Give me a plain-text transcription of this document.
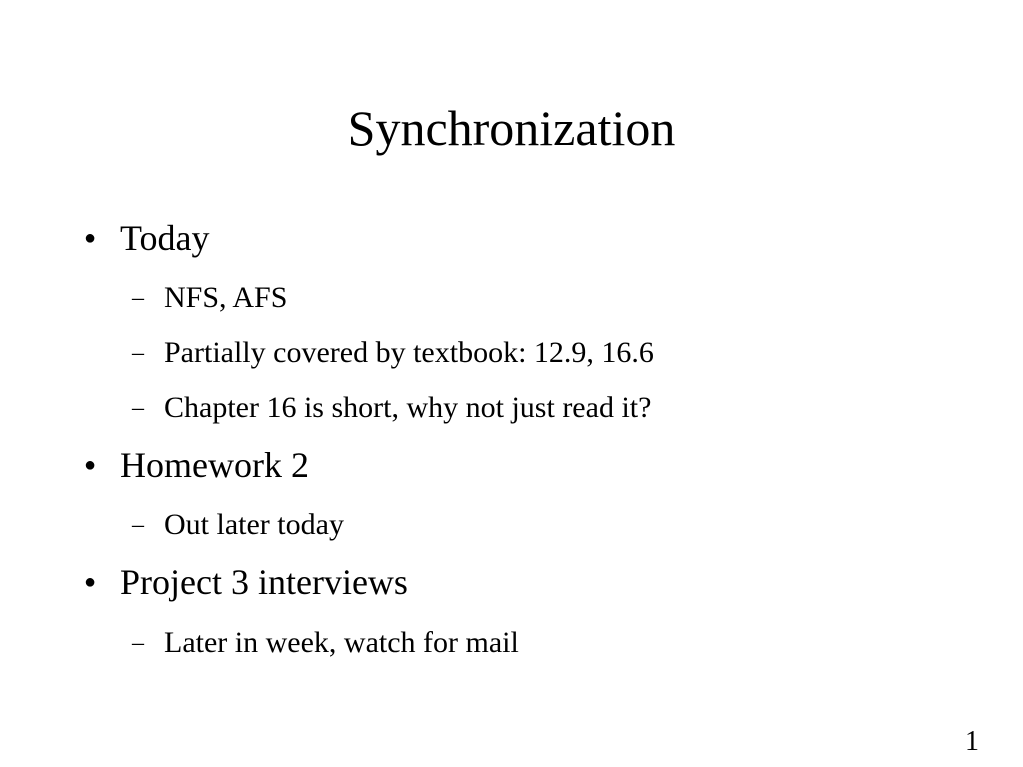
Synchronization
● Today
– NFS, AFS
– Partially covered by textbook: 12.9, 16.6
– Chapter 16 is short, why not just read it?
● Homework 2
– Out later today
● Project 3 interviews
– Later in week, watch for mail
1
